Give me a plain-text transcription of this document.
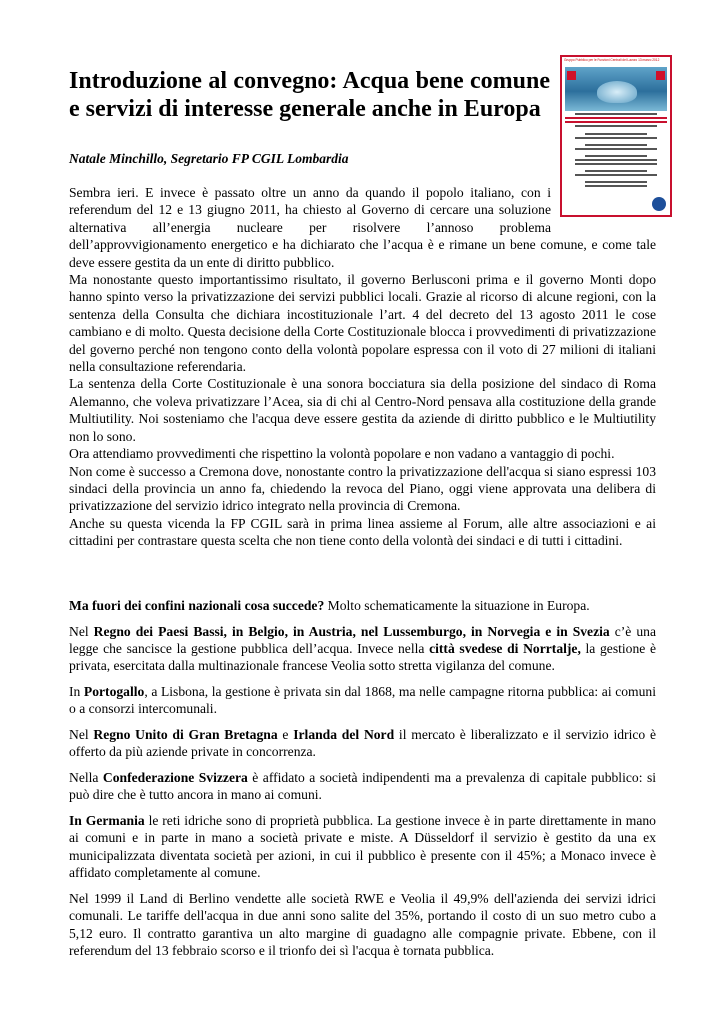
Gruppo Pubblico per le Funzioni Centrali del Lavoro 13 marzo 2012
Introduzione al convegno: Acqua bene comune e servizi di interesse generale anche in Europa

Natale Minchillo, Segretario FP CGIL Lombardia

Sembra ieri. E invece è passato oltre un anno da quando il popolo italiano, con i referendum del 12 e 13 giugno 2011, ha chiesto al Governo di cercare una soluzione alternativa all’energia nucleare per risolvere l’annoso problema dell’approvvigionamento energetico e ha dichiarato che l’acqua è e rimane un bene comune, e come tale deve essere gestita da un ente di diritto pubblico.

Ma nonostante questo importantissimo risultato, il governo Berlusconi prima e il governo Monti dopo hanno spinto verso la privatizzazione dei servizi pubblici locali. Grazie al ricorso di alcune regioni, con la sentenza della Consulta che dichiara incostituzionale l’art. 4 del decreto del 13 agosto 2011 le cose cambiano e di molto. Questa decisione della Corte Costituzionale blocca i provvedimenti di privatizzazione del governo perché non tengono conto della volontà popolare espressa con il voto di 27 milioni di italiani nella consultazione referendaria.

La sentenza della Corte Costituzionale è una sonora bocciatura sia della posizione del sindaco di Roma Alemanno, che voleva privatizzare l’Acea, sia di chi al Centro-Nord pensava alla costituzione della grande Multiutility. Noi sosteniamo che l'acqua deve essere gestita da aziende di diritto pubblico e le Multiutility non lo sono.

Ora attendiamo provvedimenti che rispettino la volontà popolare e non vadano a vantaggio di pochi.

Non come è successo a Cremona dove, nonostante contro la privatizzazione dell'acqua si siano espressi 103 sindaci della provincia un anno fa, chiedendo la revoca del Piano, oggi viene approvata una delibera di privatizzazione del servizio idrico integrato nella provincia di Cremona.

Anche su questa vicenda la FP CGIL sarà in prima linea assieme al Forum, alle altre associazioni e ai cittadini per contrastare questa scelta che non tiene conto della volontà dei sindaci e di tutti i cittadini.

Ma fuori dei confini nazionali cosa succede? Molto schematicamente la situazione in Europa.

Nel Regno dei Paesi Bassi, in Belgio, in Austria, nel Lussemburgo, in Norvegia e in Svezia c’è una legge che sancisce la gestione pubblica dell’acqua. Invece nella città svedese di Norrtalje, la gestione è privata, esercitata dalla multinazionale francese Veolia sotto stretta vigilanza del comune.

In Portogallo, a Lisbona, la gestione è privata sin dal 1868, ma nelle campagne ritorna pubblica: ai comuni o a consorzi intercomunali.

Nel Regno Unito di Gran Bretagna e Irlanda del Nord il mercato è liberalizzato e il servizio idrico è offerto da più aziende private in concorrenza.

Nella Confederazione Svizzera è affidato a società indipendenti ma a prevalenza di capitale pubblico: si può dire che è tutto ancora in mano ai comuni.

In Germania le reti idriche sono di proprietà pubblica. La gestione invece è in parte direttamente in mano ai comuni e in parte in mano a società private e miste. A Düsseldorf il servizio è gestito da una ex municipalizzata diventata società per azioni, in cui il pubblico è presente con il 45%; a Monaco invece è affidato completamente al comune.

Nel 1999 il Land di Berlino vendette alle società RWE e Veolia il 49,9% dell'azienda dei servizi idrici comunali. Le tariffe dell'acqua in due anni sono salite del 35%, portando il costo di un suo metro cubo a 5,12 euro. Il contratto garantiva un alto margine di guadagno alle compagnie private. Ebbene, con il referendum del 13 febbraio scorso e il trionfo dei sì l'acqua è tornata pubblica.
